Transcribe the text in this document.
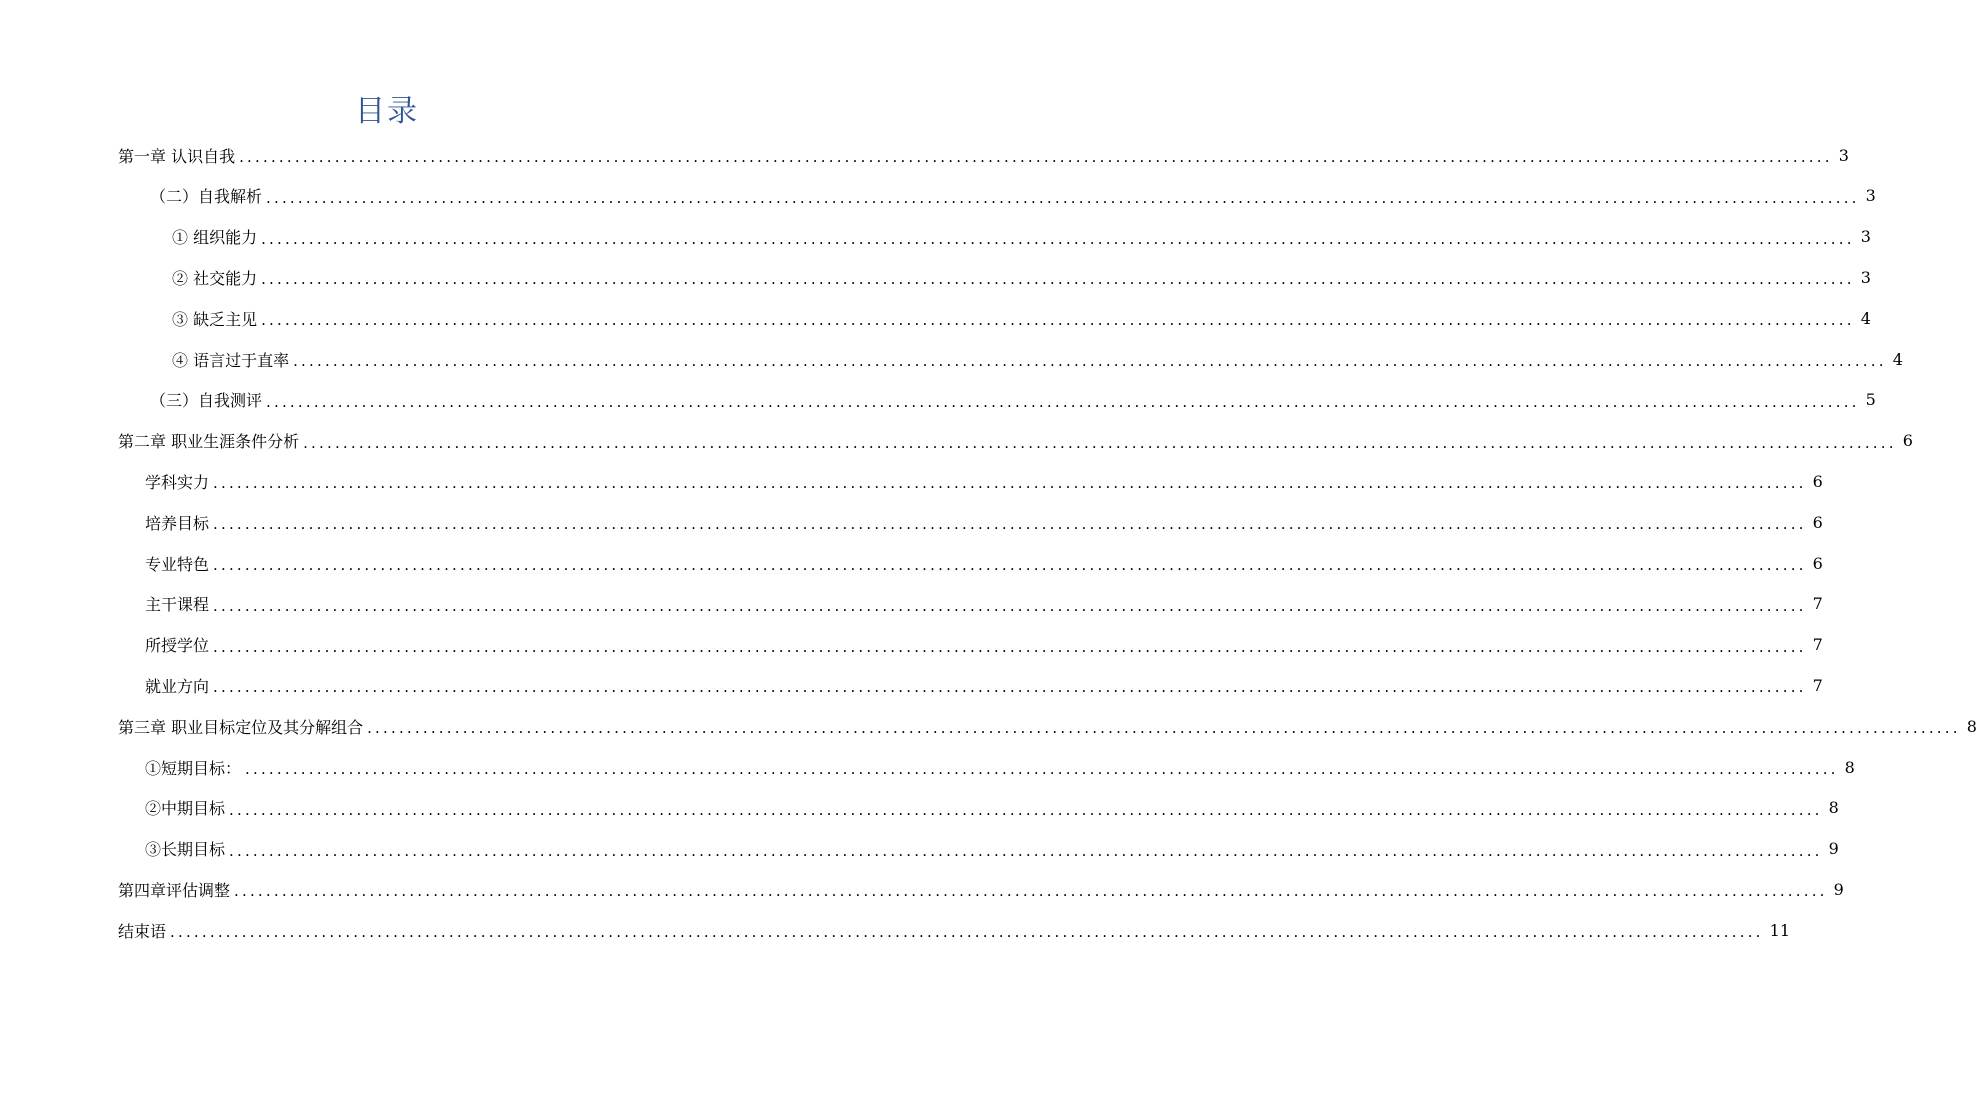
目录
第一章 认识自我 ........................................................................................................................................................................................................ 3
（二）自我解析 ........................................................................................................................................................................................................ 3
① 组织能力 ........................................................................................................................................................................................................ 3
② 社交能力 ........................................................................................................................................................................................................ 3
③ 缺乏主见 ........................................................................................................................................................................................................ 4
④ 语言过于直率 ........................................................................................................................................................................................................ 4
（三）自我测评 ........................................................................................................................................................................................................ 5
第二章 职业生涯条件分析 ........................................................................................................................................................................................................ 6
学科实力 ........................................................................................................................................................................................................ 6
培养目标 ........................................................................................................................................................................................................ 6
专业特色 ........................................................................................................................................................................................................ 6
主干课程 ........................................................................................................................................................................................................ 7
所授学位 ........................................................................................................................................................................................................ 7
就业方向 ........................................................................................................................................................................................................ 7
第三章 职业目标定位及其分解组合 ........................................................................................................................................................................................................ 8
①短期目标： ........................................................................................................................................................................................................ 8
②中期目标 ........................................................................................................................................................................................................ 8
③长期目标 ........................................................................................................................................................................................................ 9
第四章评估调整 ........................................................................................................................................................................................................ 9
结束语 ........................................................................................................................................................................................................ 11
